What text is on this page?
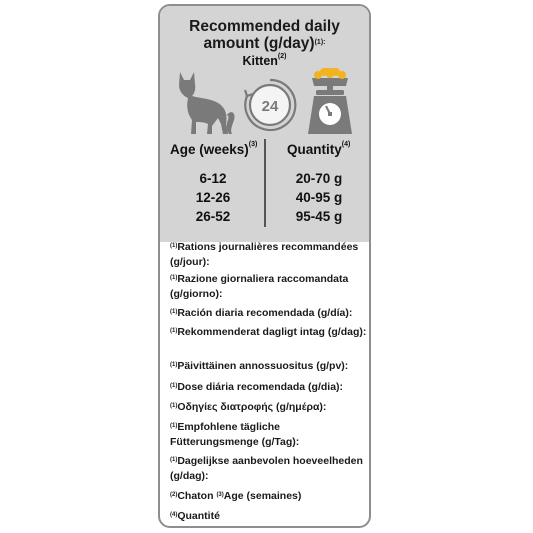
Recommended daily
amount $(g/day)^{(1):}$
Kitten$^{(2)}$
24
Age (weeks)$^{(3)}$ Quantity$^{(4)}$
6-12	20-70 g
12-26	40-95 g
26-52	95-45 g
$^{(1)}$Rations journalières recommandées (g/jour):
$^{(1)}$Razione giornaliera raccomandata (g/giorno):
$^{(1)}$Ración diaria recomendada (g/día):
$^{(1)}$Rekommenderat dagligt intag (g/dag):
$^{(1)}$Päivittäinen annossuositus (g/pv):
$^{(1)}$Dose diária recomendada (g/dia):
$^{(1)}$Οδηγίες διατροφής (g/ημέρα):
$^{(1)}$Empfohlene tägliche Fütterungsmenge (g/Tag):
$^{(1)}$Dagelijkse aanbevolen hoeveelheden (g/dag):
$^{(2)}$Chaton $^{(3)}$Age (semaines)
$^{(4)}$Quantité
